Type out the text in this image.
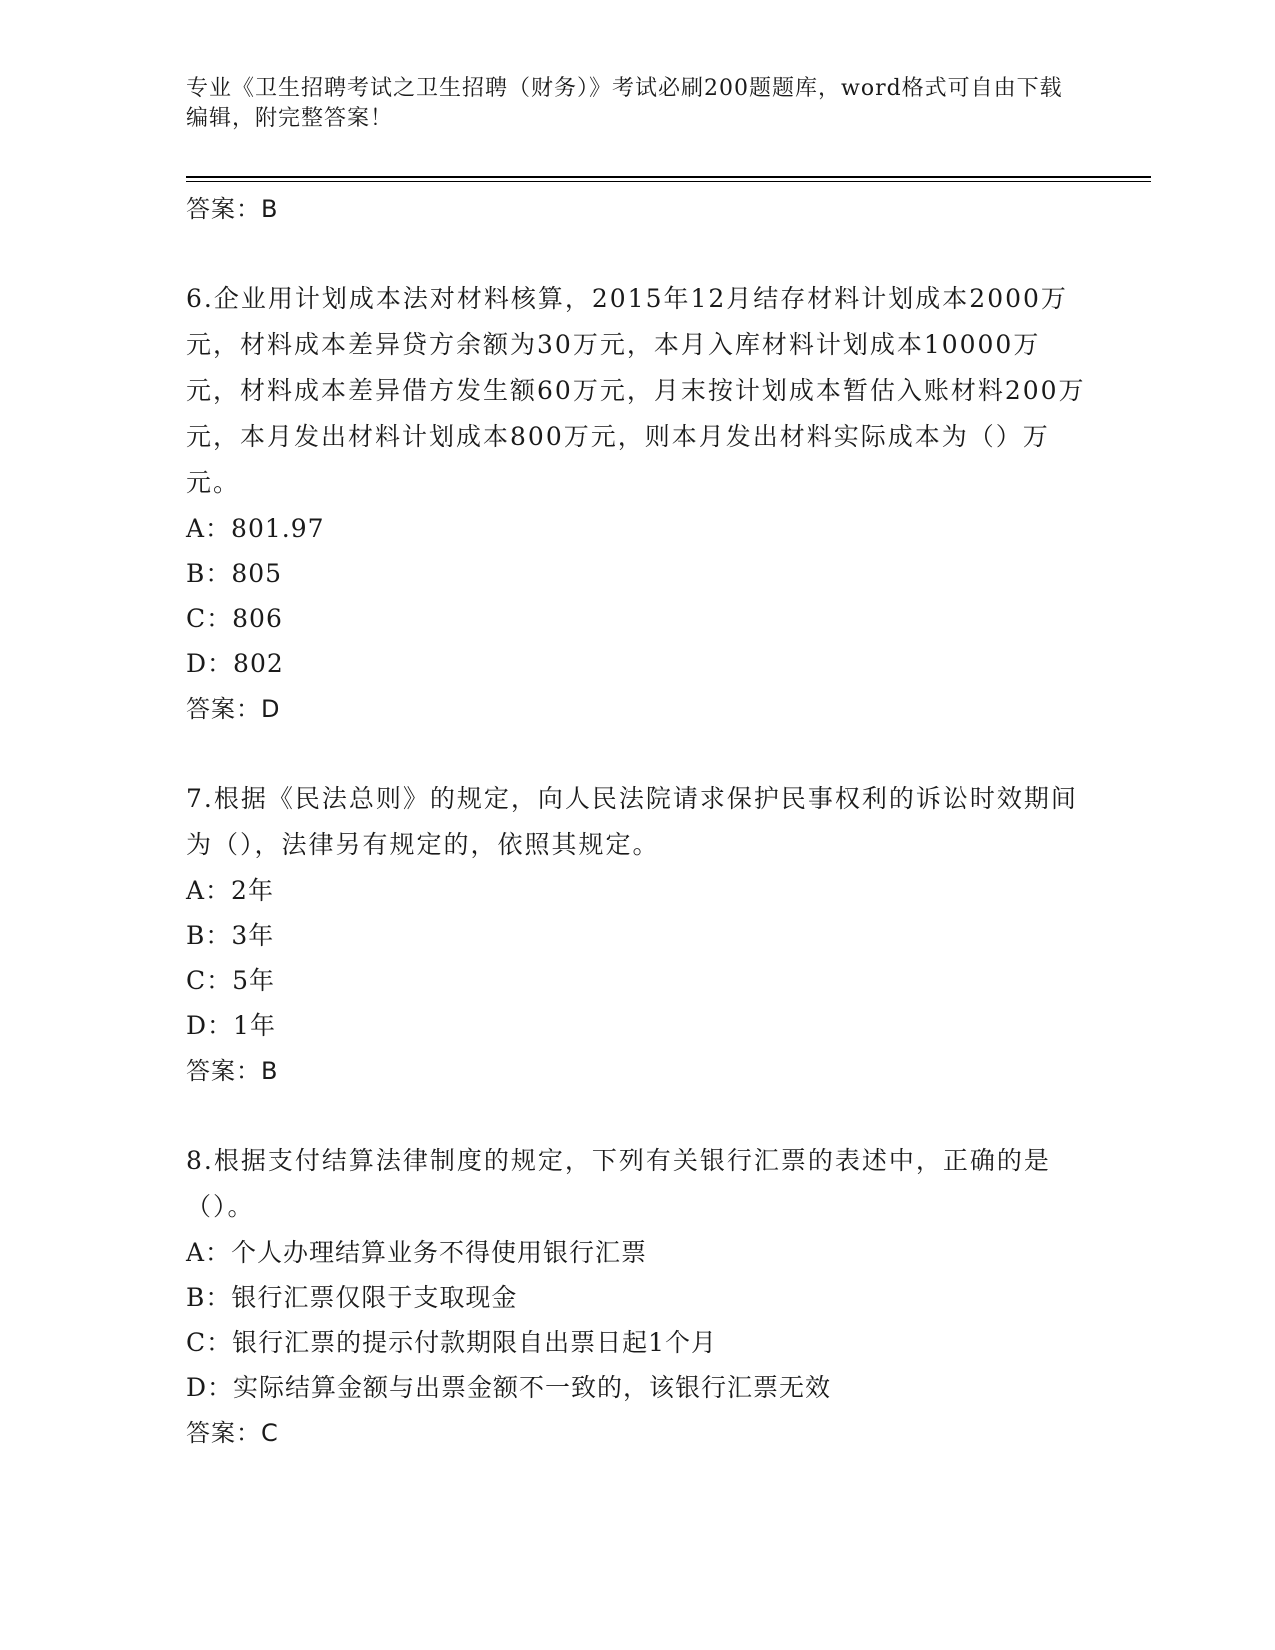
专业《卫生招聘考试之卫生招聘（财务）》考试必刷200题题库，word格式可自由下载编辑，附完整答案！
答案：B
6.企业用计划成本法对材料核算，2015年12月结存材料计划成本2000万元，材料成本差异贷方余额为30万元，本月入库材料计划成本10000万元，材料成本差异借方发生额60万元，月末按计划成本暂估入账材料200万元，本月发出材料计划成本800万元，则本月发出材料实际成本为（）万元。
A：801.97
B：805
C：806
D：802
答案：D
7.根据《民法总则》的规定，向人民法院请求保护民事权利的诉讼时效期间为（），法律另有规定的，依照其规定。
A：2年
B：3年
C：5年
D：1年
答案：B
8.根据支付结算法律制度的规定，下列有关银行汇票的表述中，正确的是（）。
A：个人办理结算业务不得使用银行汇票
B：银行汇票仅限于支取现金
C：银行汇票的提示付款期限自出票日起1个月
D：实际结算金额与出票金额不一致的，该银行汇票无效
答案：C
